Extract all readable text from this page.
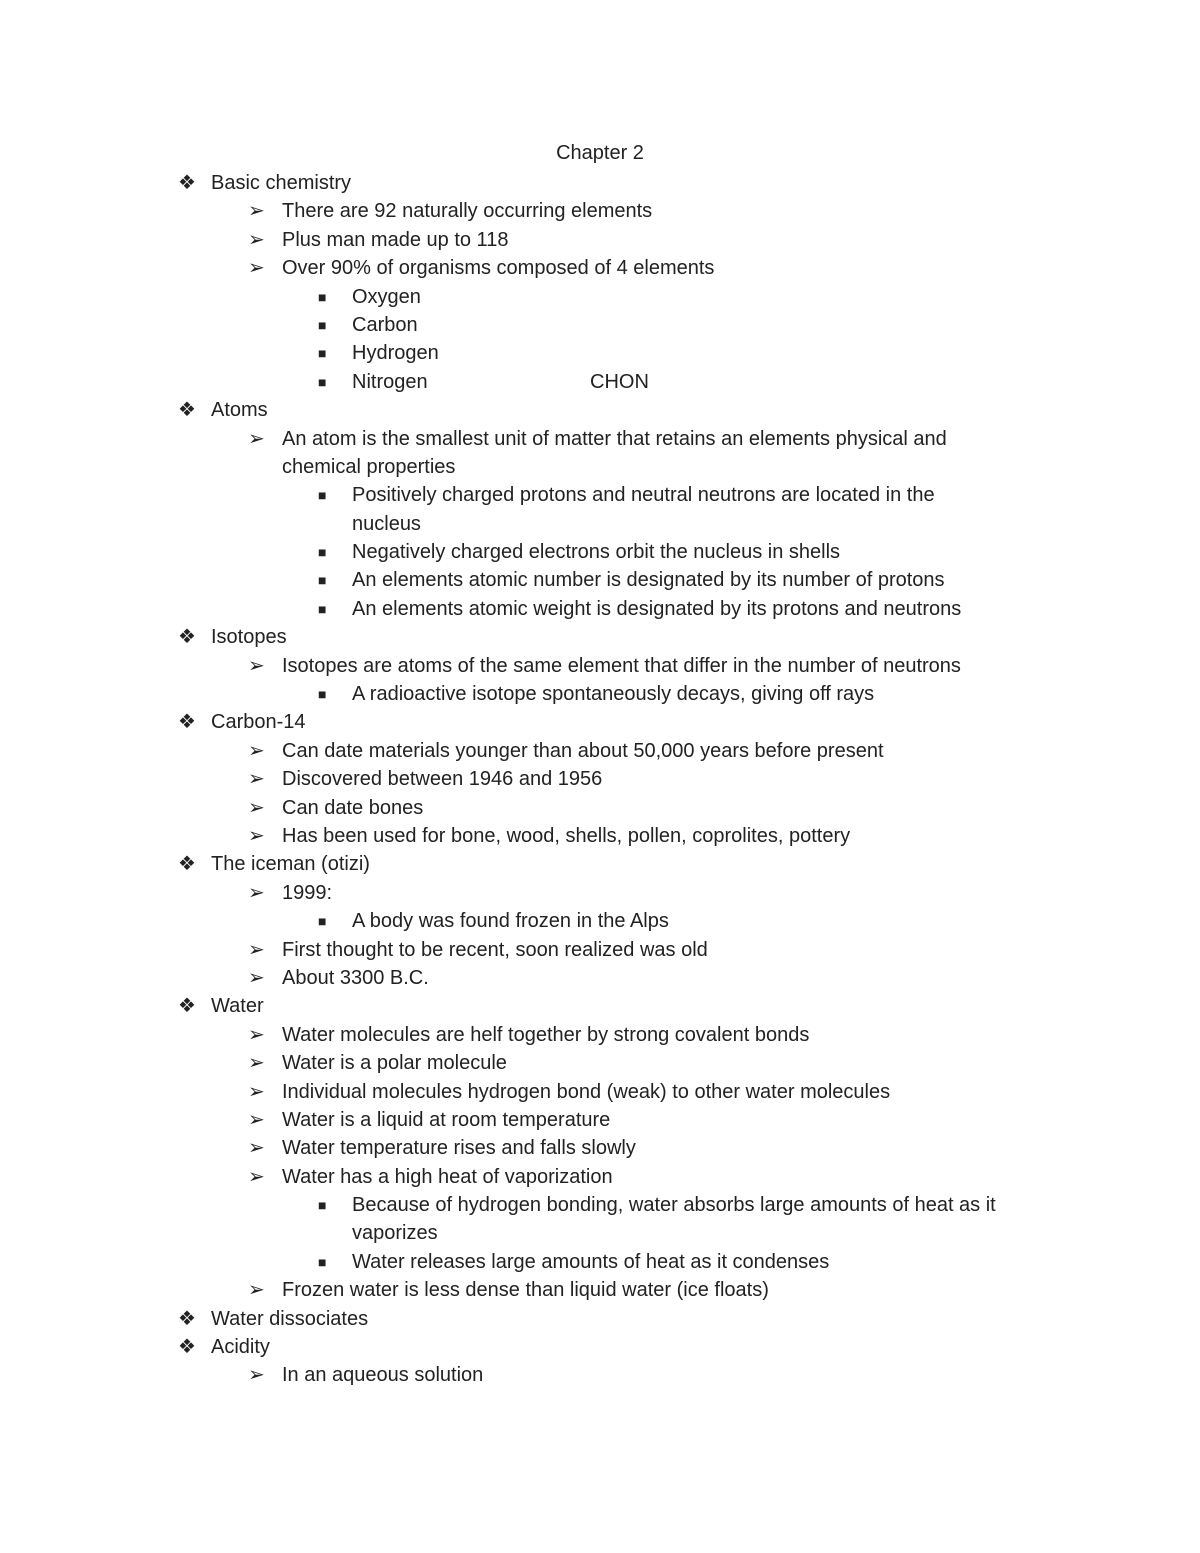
Chapter 2
❖ Basic chemistry
➢ There are 92 naturally occurring elements
➢ Plus man made up to 118
➢ Over 90% of organisms composed of 4 elements
■	Oxygen
■	Carbon
■	Hydrogen
■	Nitrogen	CHON
❖ Atoms
➢ An atom is the smallest unit of matter that retains an elements physical and
chemical properties
■	Positively charged protons and neutral neutrons are located in the
nucleus
■	Negatively charged electrons orbit the nucleus in shells
■	An elements atomic number is designated by its number of protons
■	An elements atomic weight is designated by its protons and neutrons
❖ Isotopes
➢ Isotopes are atoms of the same element that differ in the number of neutrons
■	A radioactive isotope spontaneously decays, giving off rays
❖ Carbon-14
➢ Can date materials younger than about 50,000 years before present
➢ Discovered between 1946 and 1956
➢ Can date bones
➢ Has been used for bone, wood, shells, pollen, coprolites, pottery
❖ The iceman (otizi)
➢ 1999:
■	A body was found frozen in the Alps
➢ First thought to be recent, soon realized was old
➢ About 3300 B.C.
❖ Water
➢ Water molecules are helf together by strong covalent bonds
➢ Water is a polar molecule
➢ Individual molecules hydrogen bond (weak) to other water molecules
➢ Water is a liquid at room temperature
➢ Water temperature rises and falls slowly
➢ Water has a high heat of vaporization
■	Because of hydrogen bonding, water absorbs large amounts of heat as it
vaporizes
■	Water releases large amounts of heat as it condenses
➢ Frozen water is less dense than liquid water (ice floats)
❖ Water dissociates
❖ Acidity
➢ In an aqueous solution
